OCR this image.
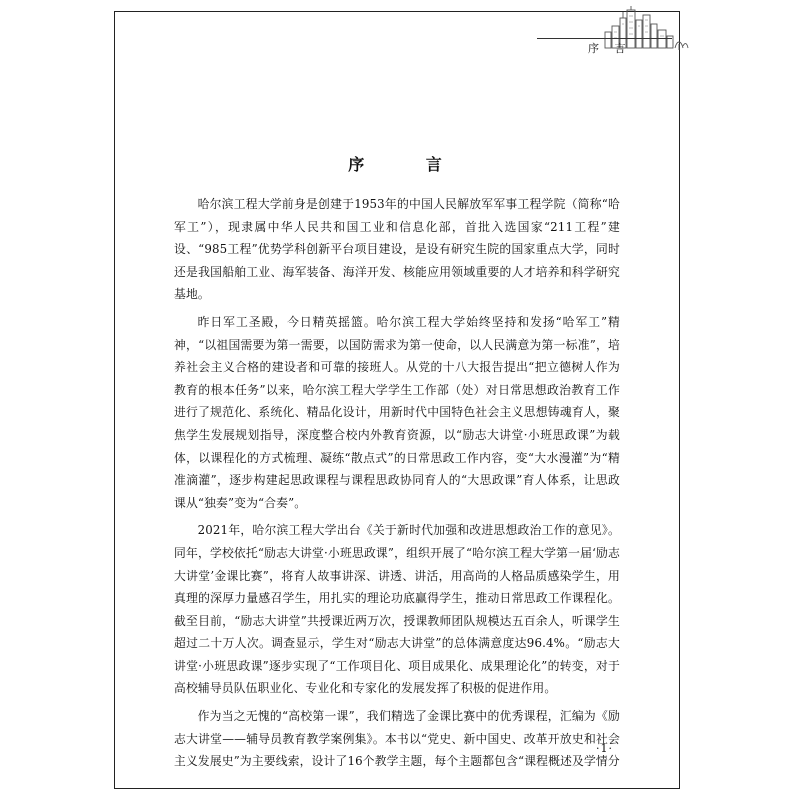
序 言
序 言

哈尔滨工程大学前身是创建于1953年的中国人民解放军军事工程学院（简称“哈军工”），现隶属中华人民共和国工业和信息化部，首批入选国家“211工程”建设、“985工程”优势学科创新平台项目建设，是设有研究生院的国家重点大学，同时还是我国船舶工业、海军装备、海洋开发、核能应用领域重要的人才培养和科学研究基地。

昨日军工圣殿，今日精英摇篮。哈尔滨工程大学始终坚持和发扬“哈军工”精神，“以祖国需要为第一需要，以国防需求为第一使命，以人民满意为第一标准”，培养社会主义合格的建设者和可靠的接班人。从党的十八大报告提出“把立德树人作为教育的根本任务”以来，哈尔滨工程大学学生工作部（处）对日常思想政治教育工作进行了规范化、系统化、精品化设计，用新时代中国特色社会主义思想铸魂育人，聚焦学生发展规划指导，深度整合校内外教育资源，以“励志大讲堂·小班思政课”为载体，以课程化的方式梳理、凝练“散点式”的日常思政工作内容，变“大水漫灌”为“精准滴灌”，逐步构建起思政课程与课程思政协同育人的“大思政课”育人体系，让思政课从“独奏”变为“合奏”。

2021年，哈尔滨工程大学出台《关于新时代加强和改进思想政治工作的意见》。同年，学校依托“励志大讲堂·小班思政课”，组织开展了“哈尔滨工程大学第一届‘励志大讲堂’金课比赛”，将育人故事讲深、讲透、讲活，用高尚的人格品质感染学生，用真理的深厚力量感召学生，用扎实的理论功底赢得学生，推动日常思政工作课程化。截至目前，“励志大讲堂”共授课近两万次，授课教师团队规模达五百余人，听课学生超过二十万人次。调查显示，学生对“励志大讲堂”的总体满意度达96.4%。“励志大讲堂·小班思政课”逐步实现了“工作项目化、项目成果化、成果理论化”的转变，对于高校辅导员队伍职业化、专业化和专家化的发展发挥了积极的促进作用。

作为当之无愧的“高校第一课”，我们精选了金课比赛中的优秀课程，汇编为《励志大讲堂——辅导员教育教学案例集》。本书以“党史、新中国史、改革开放史和社会主义发展史”为主要线索，设计了16个教学主题，每个主题都包含“课程概述及学情分

·1·
